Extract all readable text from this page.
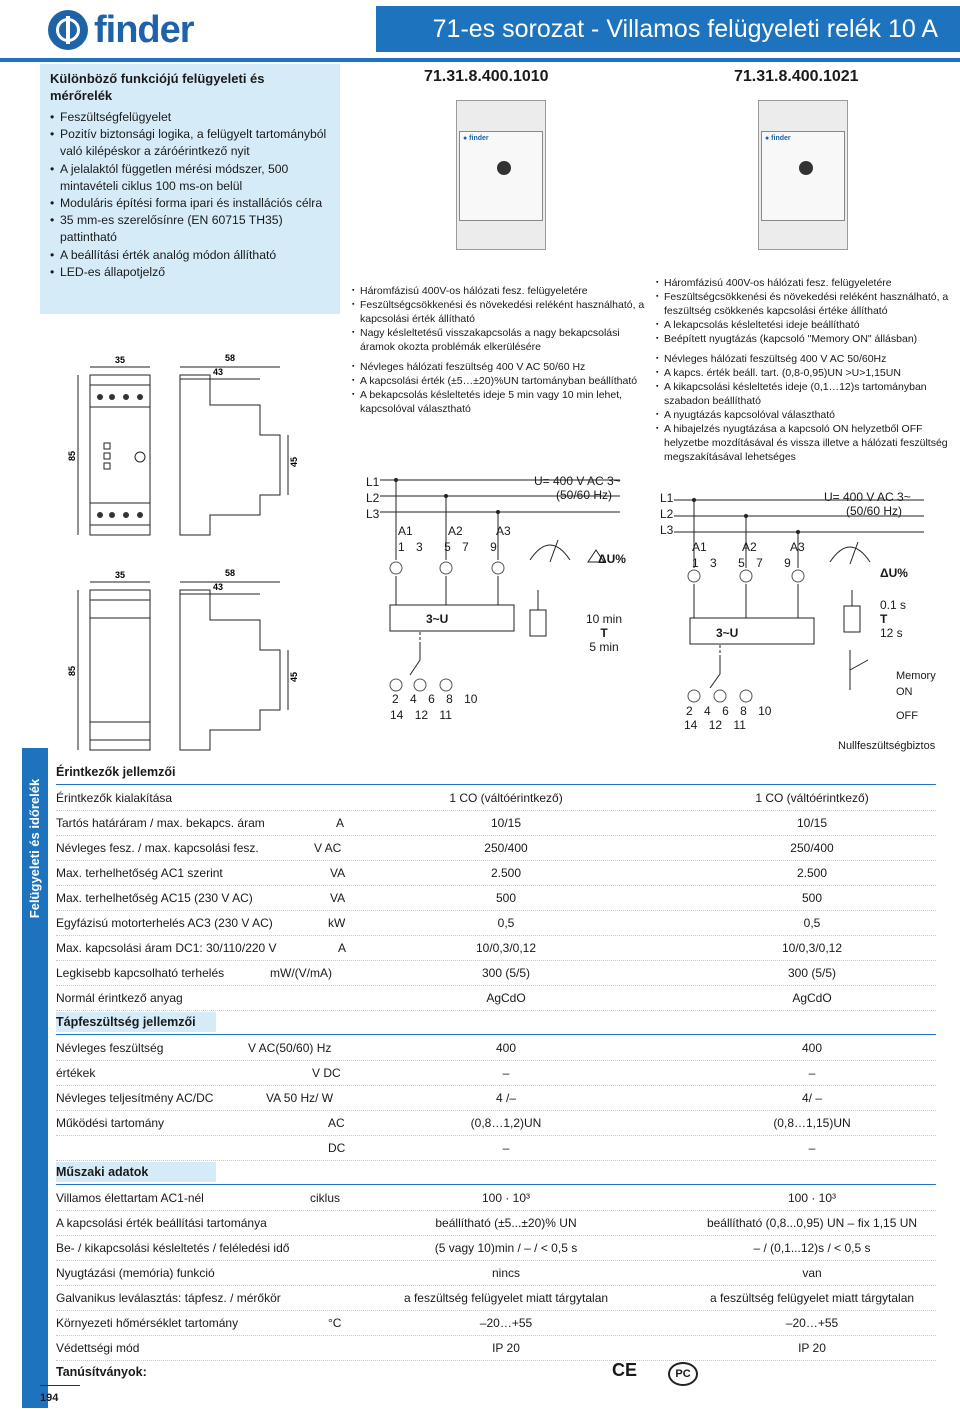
finder	71-es sorozat - Villamos felügyeleti relék 10 A
Különböző funkciójú felügyeleti és mérőrelék
• Feszültségfelügyelet
• Pozitív biztonsági logika, a felügyelt tartományból való kilépéskor a záróérintkező nyit
• A jelalaktól független mérési módszer, 500 mintavételi ciklus 100 ms-on belül
• Moduláris építési forma ipari és installációs célra
• 35 mm-es szerelősínre (EN 60715 TH35) pattintható
• A beállítási érték analóg módon állítható
• LED-es állapotjelző
35	58
43
85
45
35	58
43
85
45
Felügyeleti és időrelék
71.31.8.400.1010
● finder
▪ Háromfázisú 400V-os hálózati fesz. felügyeletére
▪ Feszültségcsökkenési és növekedési reléként használható, a kapcsolási érték állítható
▪ Nagy késleltetésű visszakapcsolás a nagy bekapcsolási áramok okozta problémák elkerülésére
▪ Névleges hálózati feszültség 400 V AC 50/60 Hz
▪ A kapcsolási érték (±5…±20)%UN tartományban beállítható
▪ A bekapcsolás késleltetés ideje 5 min vagy 10 min lehet, kapcsolóval választható
L1
L2
L3
U= 400 V AC 3~
(50/60 Hz)
A1	A2	A3
1 3 5 7 9
3~U
ΔU%
10 min
T
5 min
2 4 6 8 10
14 12 11
71.31.8.400.1021
● finder
▪ Háromfázisú 400V-os hálózati fesz. felügyeletére
▪ Feszültségcsökkenési és növekedési reléként használható, a feszültség csökkenés kapcsolási értéke állítható
▪ A lekapcsolás késleltetési ideje beállítható
▪ Beépített nyugtázás (kapcsoló "Memory ON" állásban)
▪ Névleges hálózati feszültség 400 V AC 50/60Hz
▪ A kapcs. érték beáll. tart. (0,8-0,95)UN >U>1,15UN
▪ A kikapcsolási késleltetés ideje (0,1…12)s tartományban szabadon beállítható
▪ A nyugtázás kapcsolóval választható
▪ A hibajelzés nyugtázása a kapcsoló ON helyzetből OFF helyzetbe mozdításával és vissza illetve a hálózati feszültség megszakításával lehetséges
L1
L2
L3
U= 400 V AC 3~
(50/60 Hz)
A1	A2	A3
1 3 5 7 9
3~U
ΔU%
0.1 s
T
12 s
Memory
ON
OFF
2 4 6 8 10
14 12 11
Nullfeszültségbiztos
Érintkezők jellemzői
Érintkezők kialakítása	1 CO (váltóérintkező)	1 CO (váltóérintkező)
Tartós határáram / max. bekapcs. áram	A	10/15	10/15
Névleges fesz. / max. kapcsolási fesz.	V AC	250/400	250/400
Max. terhelhetőség AC1 szerint	VA	2.500	2.500
Max. terhelhetőség AC15 (230 V AC)	VA	500	500
Egyfázisú motorterhelés AC3 (230 V AC)	kW	0,5	0,5
Max. kapcsolási áram DC1: 30/110/220 V	A	10/0,3/0,12	10/0,3/0,12
Legkisebb kapcsolható terhelés	mW/(V/mA)	300 (5/5)	300 (5/5)
Normál érintkező anyag	AgCdO	AgCdO
Tápfeszültség jellemzői
Névleges feszültség	V AC(50/60) Hz	400	400
értékek	V DC	–	–
Névleges teljesítmény AC/DC	VA 50 Hz/ W	4 /–	4/ –
Működési tartomány	AC	(0,8…1,2)UN	(0,8…1,15)UN
DC	–	–
Műszaki adatok
Villamos élettartam AC1-nél	ciklus	100 · 10³	100 · 10³
A kapcsolási érték beállítási tartománya	beállítható (±5...±20)% UN	beállítható (0,8...0,95) UN – fix 1,15 UN
Be- / kikapcsolási késleltetés / feléledési idő	(5 vagy 10)min / – / < 0,5 s	– / (0,1...12)s / < 0,5 s
Nyugtázási (memória) funkció	nincs	van
Galvanikus leválasztás: tápfesz. / mérőkör	a feszültség felügyelet miatt tárgytalan	a feszültség felügyelet miatt tárgytalan
Környezeti hőmérséklet tartomány	°C	–20…+55	–20…+55
Védettségi mód	IP 20	IP 20
Tanúsítványok:	CE	PC
194
